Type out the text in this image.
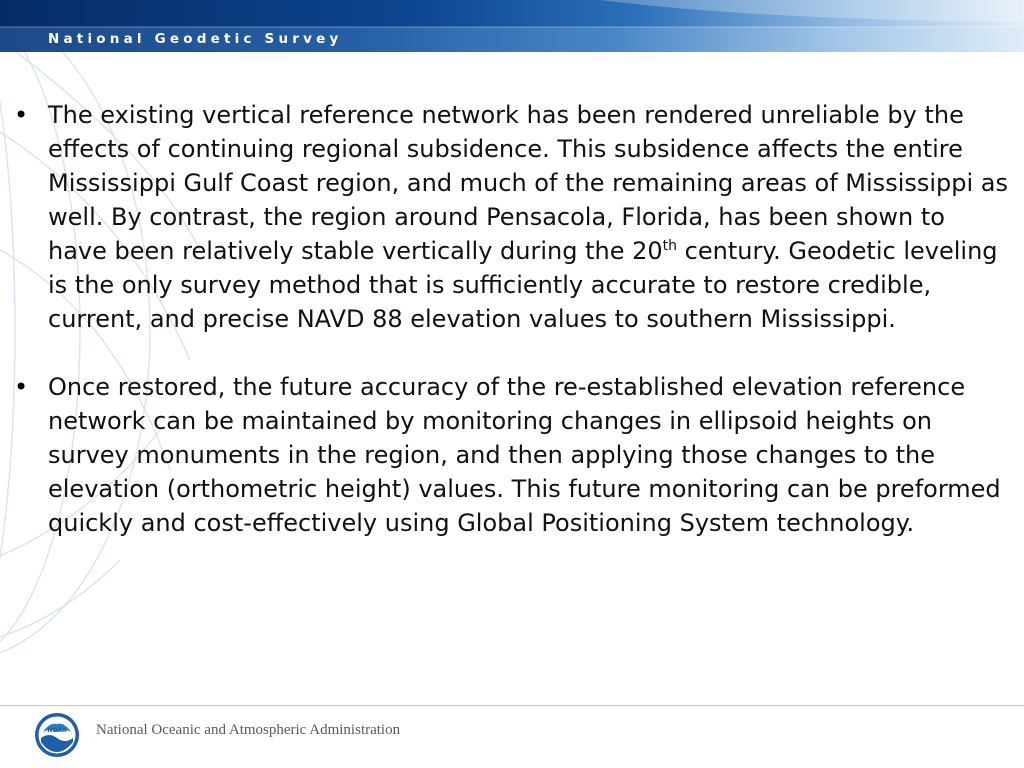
National Geodetic Survey
• The existing vertical reference network has been rendered unreliable by the effects of continuing regional subsidence. This subsidence affects the entire Mississippi Gulf Coast region, and much of the remaining areas of Mississippi as well. By contrast, the region around Pensacola, Florida, has been shown to have been relatively stable vertically during the 20th century. Geodetic leveling is the only survey method that is sufficiently accurate to restore credible, current, and precise NAVD 88 elevation values to southern Mississippi.
• Once restored, the future accuracy of the re-established elevation reference network can be maintained by monitoring changes in ellipsoid heights on survey monuments in the region, and then applying those changes to the elevation (orthometric height) values. This future monitoring can be preformed quickly and cost-effectively using Global Positioning System technology.
NOAA National Oceanic and Atmospheric Administration
